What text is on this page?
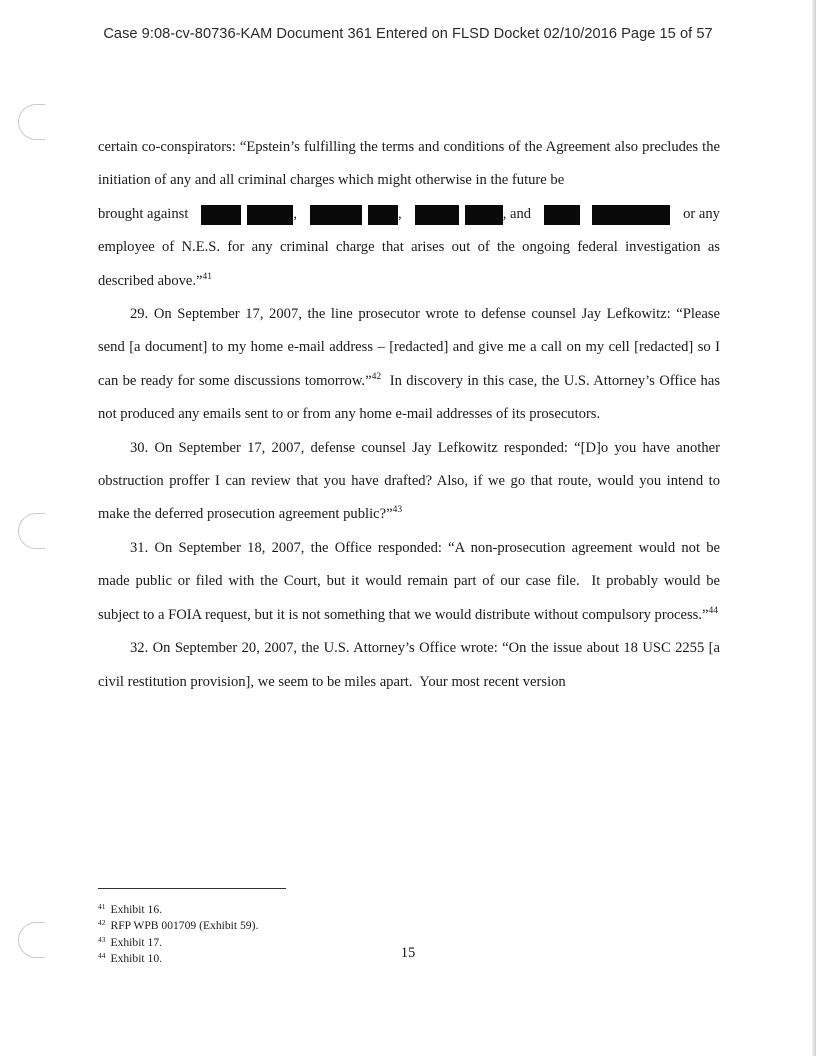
Case 9:08-cv-80736-KAM Document 361 Entered on FLSD Docket 02/10/2016 Page 15 of 57

certain co-conspirators: “Epstein’s fulfilling the terms and conditions of the Agreement also precludes the initiation of any and all criminal charges which might otherwise in the future be

brought against	,	,	, and	or any

employee of N.E.S. for any criminal charge that arises out of the ongoing federal investigation as described above.”$^{41}$

29. On September 17, 2007, the line prosecutor wrote to defense counsel Jay Lefkowitz: “Please send [a document] to my home e-mail address – [redacted] and give me a call on my cell [redacted] so I can be ready for some discussions tomorrow.”$^{42}$  In discovery in this case, the U.S. Attorney’s Office has not produced any emails sent to or from any home e-mail addresses of its prosecutors.

30. On September 17, 2007, defense counsel Jay Lefkowitz responded: “[D]o you have another obstruction proffer I can review that you have drafted? Also, if we go that route, would you intend to make the deferred prosecution agreement public?”$^{43}$

31. On September 18, 2007, the Office responded: “A non-prosecution agreement would not be made public or filed with the Court, but it would remain part of our case file.  It probably would be subject to a FOIA request, but it is not something that we would distribute without compulsory process.”$^{44}$

32. On September 20, 2007, the U.S. Attorney’s Office wrote: “On the issue about 18 USC 2255 [a civil restitution provision], we seem to be miles apart.  Your most recent version

$^{41}$ Exhibit 16.
$^{42}$ RFP WPB 001709 (Exhibit 59).
$^{43}$ Exhibit 17.
$^{44}$ Exhibit 10.	15
